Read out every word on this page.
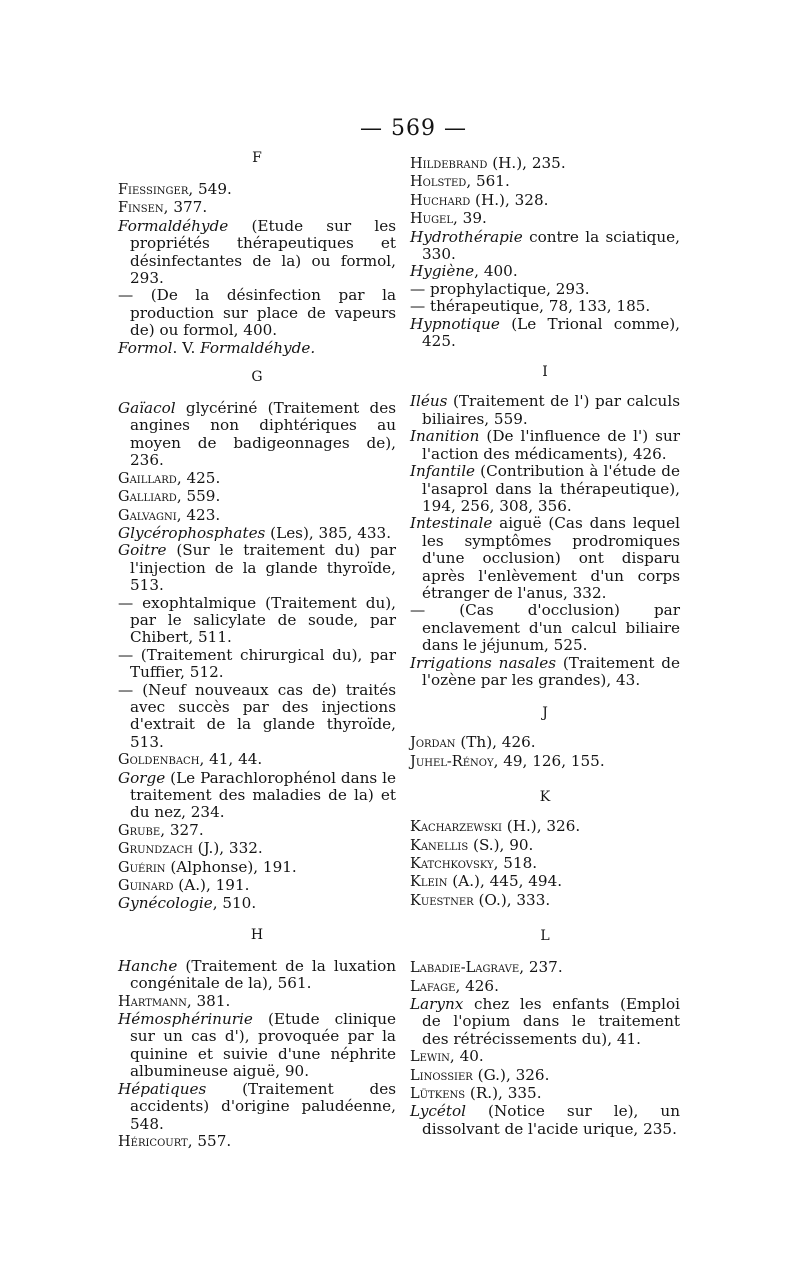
— 569 —
F
Fiessinger, 549.
Finsen, 377.
Formaldéhyde (Etude sur les propriétés thérapeutiques et désinfectantes de la) ou formol, 293.
— (De la désinfection par la production sur place de vapeurs de) ou formol, 400.
Formol. V. Formaldéhyde.
G
Gaïacol glycériné (Traitement des angines non diphtériques au moyen de badigeonnages de), 236.
Gaillard, 425.
Galliard, 559.
Galvagni, 423.
Glycérophosphates (Les), 385, 433.
Goitre (Sur le traitement du) par l'injection de la glande thyroïde, 513.
— exophtalmique (Traitement du), par le salicylate de soude, par Chibert, 511.
— (Traitement chirurgical du), par Tuffier, 512.
— (Neuf nouveaux cas de) traités avec succès par des injections d'extrait de la glande thyroïde, 513.
Goldenbach, 41, 44.
Gorge (Le Parachlorophénol dans le traitement des maladies de la) et du nez, 234.
Grube, 327.
Grundzach (J.), 332.
Guérin (Alphonse), 191.
Guinard (A.), 191.
Gynécologie, 510.
H
Hanche (Traitement de la luxation congénitale de la), 561.
Hartmann, 381.
Hémosphérinurie (Etude clinique sur un cas d'), provoquée par la quinine et suivie d'une néphrite albumineuse aiguë, 90.
Hépatiques (Traitement des accidents) d'origine paludéenne, 548.
Héricourt, 557.
Hildebrand (H.), 235.
Holsted, 561.
Huchard (H.), 328.
Hugel, 39.
Hydrothérapie contre la sciatique, 330.
Hygiène, 400.
— prophylactique, 293.
— thérapeutique, 78, 133, 185.
Hypnotique (Le Trional comme), 425.
I
Iléus (Traitement de l') par calculs biliaires, 559.
Inanition (De l'influence de l') sur l'action des médicaments), 426.
Infantile (Contribution à l'étude de l'asaprol dans la thérapeutique), 194, 256, 308, 356.
Intestinale aiguë (Cas dans lequel les symptômes prodromiques d'une occlusion) ont disparu après l'enlèvement d'un corps étranger de l'anus, 332.
— (Cas d'occlusion) par enclavement d'un calcul biliaire dans le jéjunum, 525.
Irrigations nasales (Traitement de l'ozène par les grandes), 43.
J
Jordan (Th), 426.
Juhel-Rénoy, 49, 126, 155.
K
Kacharzewski (H.), 326.
Kanellis (S.), 90.
Katchkovsky, 518.
Klein (A.), 445, 494.
Kuestner (O.), 333.
L
Labadie-Lagrave, 237.
Lafage, 426.
Larynx chez les enfants (Emploi de l'opium dans le traitement des rétrécissements du), 41.
Lewin, 40.
Linossier (G.), 326.
Lütkens (R.), 335.
Lycétol (Notice sur le), un dissolvant de l'acide urique, 235.
